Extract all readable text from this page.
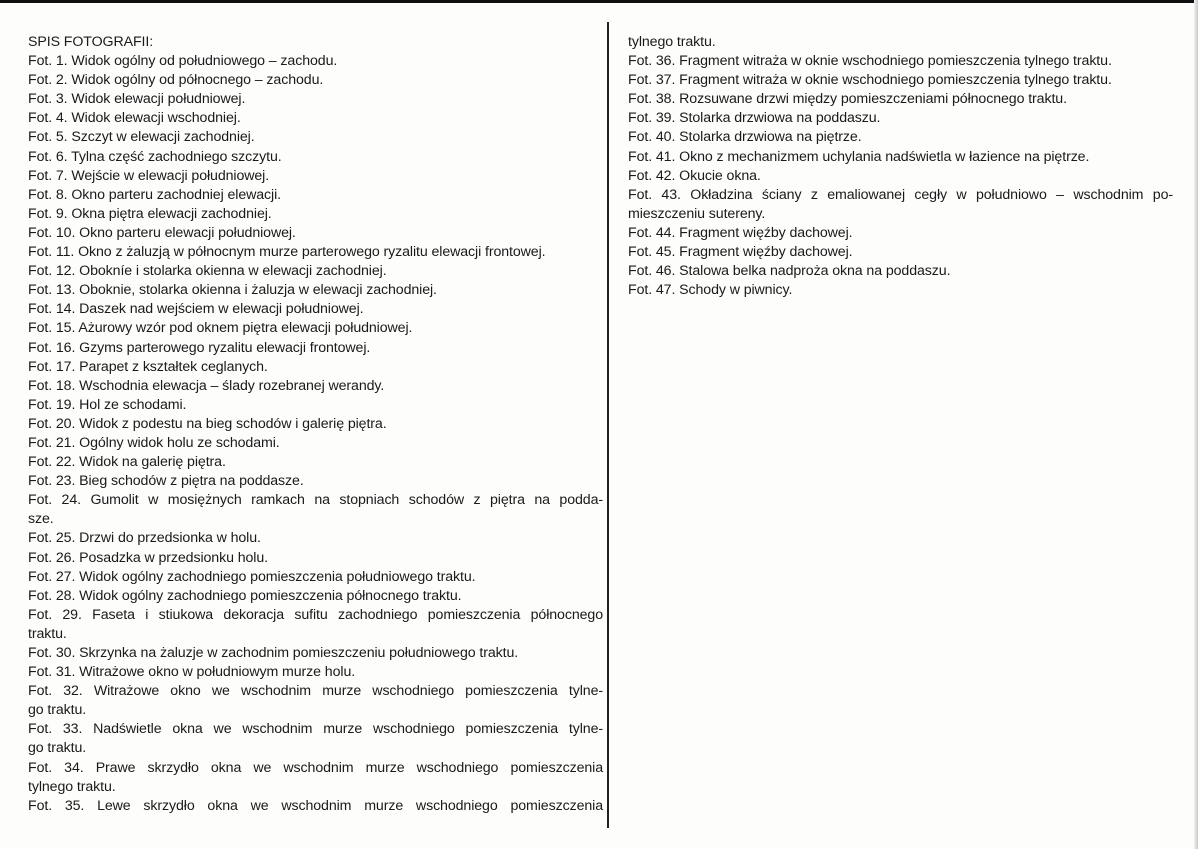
SPIS FOTOGRAFII:
Fot. 1. Widok ogólny od południowego – zachodu.
Fot. 2. Widok ogólny od północnego – zachodu.
Fot. 3. Widok elewacji południowej.
Fot. 4. Widok elewacji wschodniej.
Fot. 5. Szczyt w elewacji zachodniej.
Fot. 6. Tylna część zachodniego szczytu.
Fot. 7. Wejście w elewacji południowej.
Fot. 8. Okno parteru zachodniej elewacji.
Fot. 9. Okna piętra elewacji zachodniej.
Fot. 10. Okno parteru elewacji południowej.
Fot. 11. Okno z żaluzją w północnym murze parterowego ryzalitu elewacji frontowej.
Fot. 12. Obokníe i stolarka okienna w elewacji zachodniej.
Fot. 13. Oboknie, stolarka okienna i żaluzja w elewacji zachodniej.
Fot. 14. Daszek nad wejściem w elewacji południowej.
Fot. 15. Ażurowy wzór pod oknem piętra elewacji południowej.
Fot. 16. Gzyms parterowego ryzalitu elewacji frontowej.
Fot. 17. Parapet z kształtek ceglanych.
Fot. 18. Wschodnia elewacja – ślady rozebranej werandy.
Fot. 19. Hol ze schodami.
Fot. 20. Widok z podestu na bieg schodów i galerię piętra.
Fot. 21. Ogólny widok holu ze schodami.
Fot. 22. Widok na galerię piętra.
Fot. 23. Bieg schodów z piętra na poddasze.
Fot. 24. Gumolit w mosiężnych ramkach na stopniach schodów z piętra na podda-
sze.
Fot. 25. Drzwi do przedsionka w holu.
Fot. 26. Posadzka w przedsionku holu.
Fot. 27. Widok ogólny zachodniego pomieszczenia południowego traktu.
Fot. 28. Widok ogólny zachodniego pomieszczenia północnego traktu.
Fot. 29. Faseta i stiukowa dekoracja sufitu zachodniego pomieszczenia północnego
traktu.
Fot. 30. Skrzynka na żaluzje w zachodnim pomieszczeniu południowego traktu.
Fot. 31. Witrażowe okno w południowym murze holu.
Fot. 32. Witrażowe okno we wschodnim murze wschodniego pomieszczenia tylne-
go traktu.
Fot. 33. Nadświetle okna we wschodnim murze wschodniego pomieszczenia tylne-
go traktu.
Fot. 34. Prawe skrzydło okna we wschodnim murze wschodniego pomieszczenia
tylnego traktu.
Fot. 35. Lewe skrzydło okna we wschodnim murze wschodniego pomieszczenia
tylnego traktu.
Fot. 36. Fragment witraża w oknie wschodniego pomieszczenia tylnego traktu.
Fot. 37. Fragment witraża w oknie wschodniego pomieszczenia tylnego traktu.
Fot. 38. Rozsuwane drzwi między pomieszczeniami północnego traktu.
Fot. 39. Stolarka drzwiowa na poddaszu.
Fot. 40. Stolarka drzwiowa na piętrze.
Fot. 41. Okno z mechanizmem uchylania nadświetla w łazience na piętrze.
Fot. 42. Okucie okna.
Fot. 43. Okładzina ściany z emaliowanej cegły w południowo – wschodnim po-
mieszczeniu sutereny.
Fot. 44. Fragment więźby dachowej.
Fot. 45. Fragment więźby dachowej.
Fot. 46. Stalowa belka nadproża okna na poddaszu.
Fot. 47. Schody w piwnicy.
